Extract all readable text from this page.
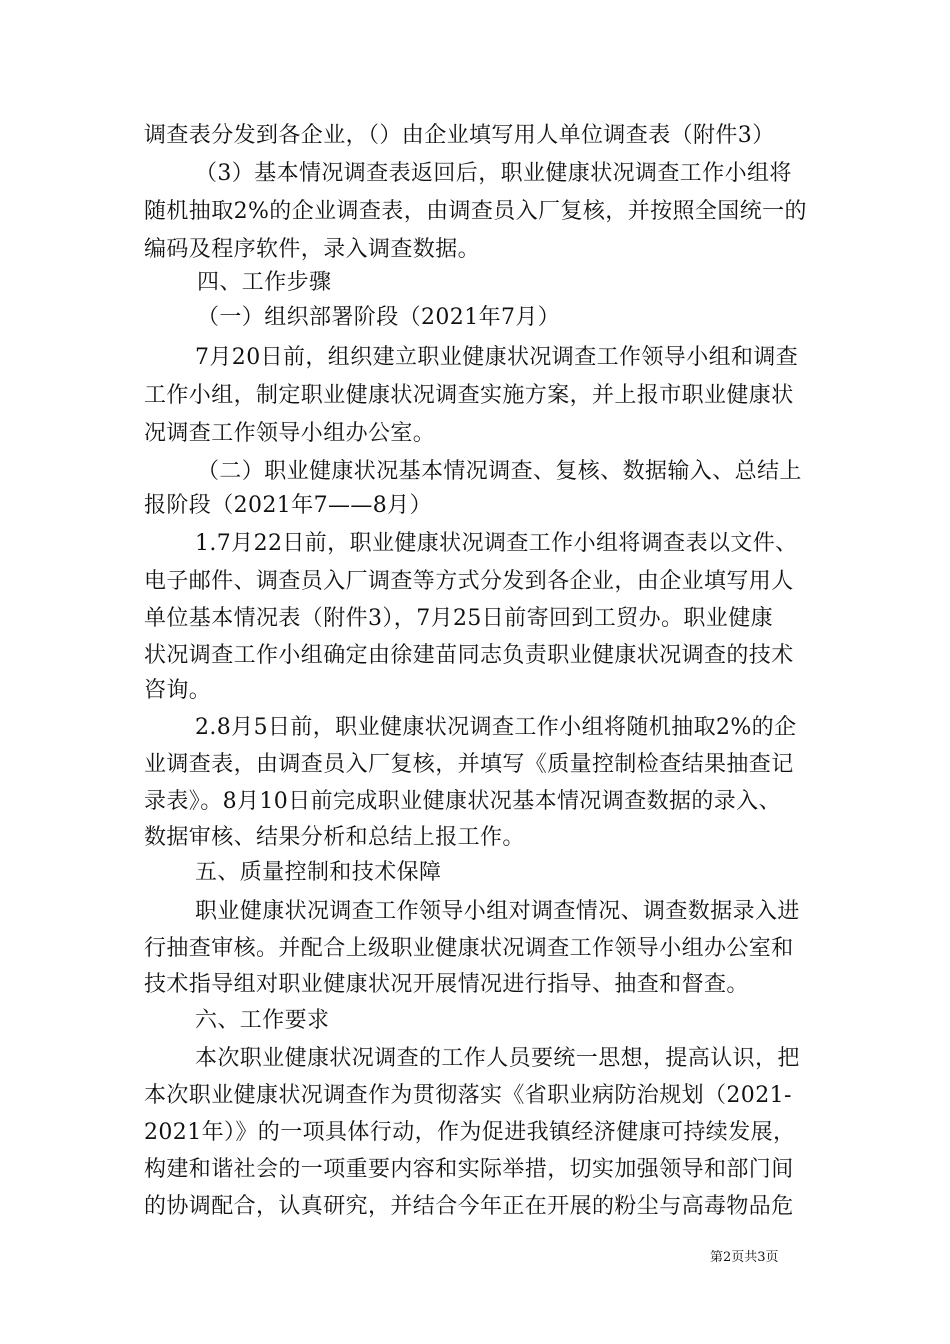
调查表分发到各企业，（）由企业填写用人单位调查表（附件3）
（3）基本情况调查表返回后，职业健康状况调查工作小组将
随机抽取2%的企业调查表，由调查员入厂复核，并按照全国统一的
编码及程序软件，录入调查数据。
四、工作步骤
（一）组织部署阶段（2021年7月）
7月20日前，组织建立职业健康状况调查工作领导小组和调查
工作小组，制定职业健康状况调查实施方案，并上报市职业健康状
况调查工作领导小组办公室。
（二）职业健康状况基本情况调查、复核、数据输入、总结上
报阶段（2021年7——8月）
1.7月22日前，职业健康状况调查工作小组将调查表以文件、
电子邮件、调查员入厂调查等方式分发到各企业，由企业填写用人
单位基本情况表（附件3），7月25日前寄回到工贸办。职业健康
状况调查工作小组确定由徐建苗同志负责职业健康状况调查的技术
咨询。
2.8月5日前，职业健康状况调查工作小组将随机抽取2%的企
业调查表，由调查员入厂复核，并填写《质量控制检查结果抽查记
录表》。8月10日前完成职业健康状况基本情况调查数据的录入、
数据审核、结果分析和总结上报工作。
五、质量控制和技术保障
职业健康状况调查工作领导小组对调查情况、调查数据录入进
行抽查审核。并配合上级职业健康状况调查工作领导小组办公室和
技术指导组对职业健康状况开展情况进行指导、抽查和督查。
六、工作要求
本次职业健康状况调查的工作人员要统一思想，提高认识，把
本次职业健康状况调查作为贯彻落实《省职业病防治规划（2021-
2021年）》的一项具体行动，作为促进我镇经济健康可持续发展，
构建和谐社会的一项重要内容和实际举措，切实加强领导和部门间
的协调配合，认真研究，并结合今年正在开展的粉尘与高毒物品危
第2页共3页
